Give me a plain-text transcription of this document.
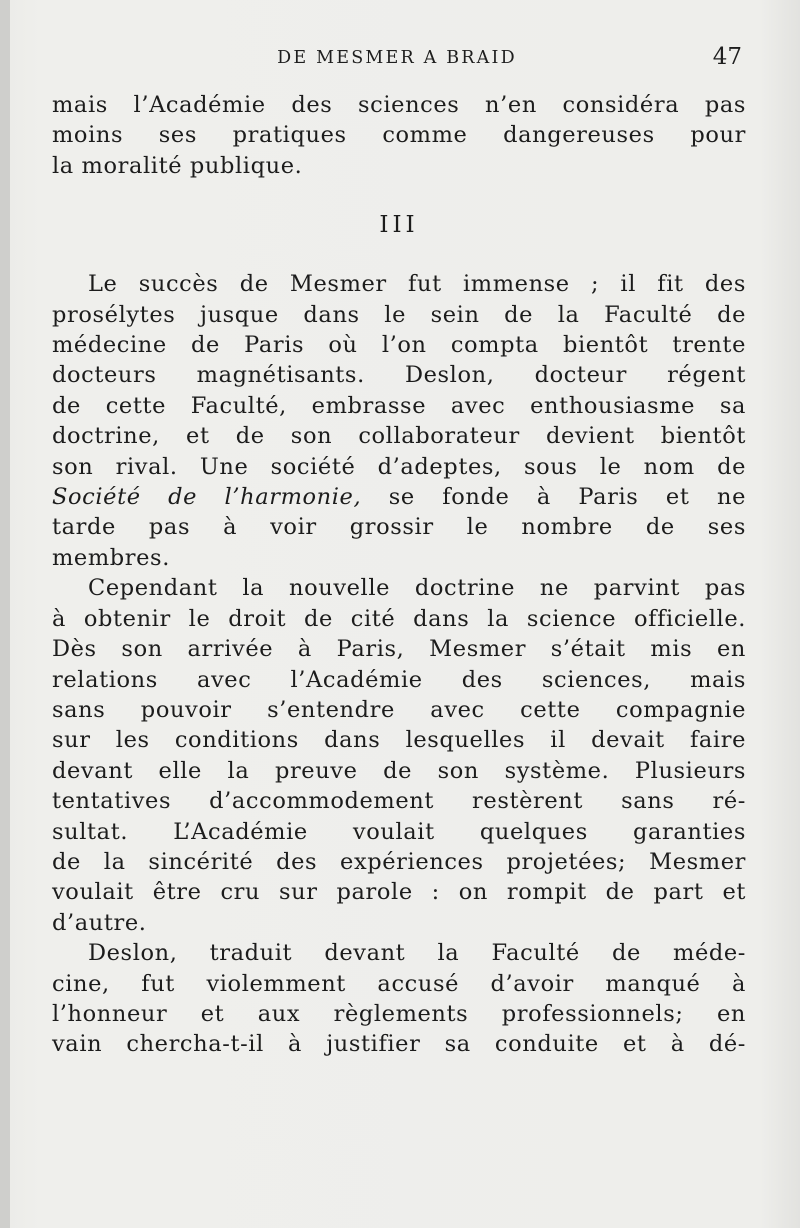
DE MESMER A BRAID	47
mais l’Académie des sciences n’en considéra pas
moins ses pratiques comme dangereuses pour
la moralité publique.
III
Le succès de Mesmer fut immense ; il fit des
prosélytes jusque dans le sein de la Faculté de
médecine de Paris où l’on compta bientôt trente
docteurs magnétisants. Deslon, docteur régent
de cette Faculté, embrasse avec enthousiasme sa
doctrine, et de son collaborateur devient bientôt
son rival. Une société d’adeptes, sous le nom de
Société de l’harmonie, se fonde à Paris et ne
tarde pas à voir grossir le nombre de ses
membres.
Cependant la nouvelle doctrine ne parvint pas
à obtenir le droit de cité dans la science officielle.
Dès son arrivée à Paris, Mesmer s’était mis en
relations avec l’Académie des sciences, mais
sans pouvoir s’entendre avec cette compagnie
sur les conditions dans lesquelles il devait faire
devant elle la preuve de son système. Plusieurs
tentatives d’accommodement restèrent sans ré-
sultat. L’Académie voulait quelques garanties
de la sincérité des expériences projetées; Mesmer
voulait être cru sur parole : on rompit de part et
d’autre.
Deslon, traduit devant la Faculté de méde-
cine, fut violemment accusé d’avoir manqué à
l’honneur et aux règlements professionnels; en
vain chercha-t-il à justifier sa conduite et à dé-
